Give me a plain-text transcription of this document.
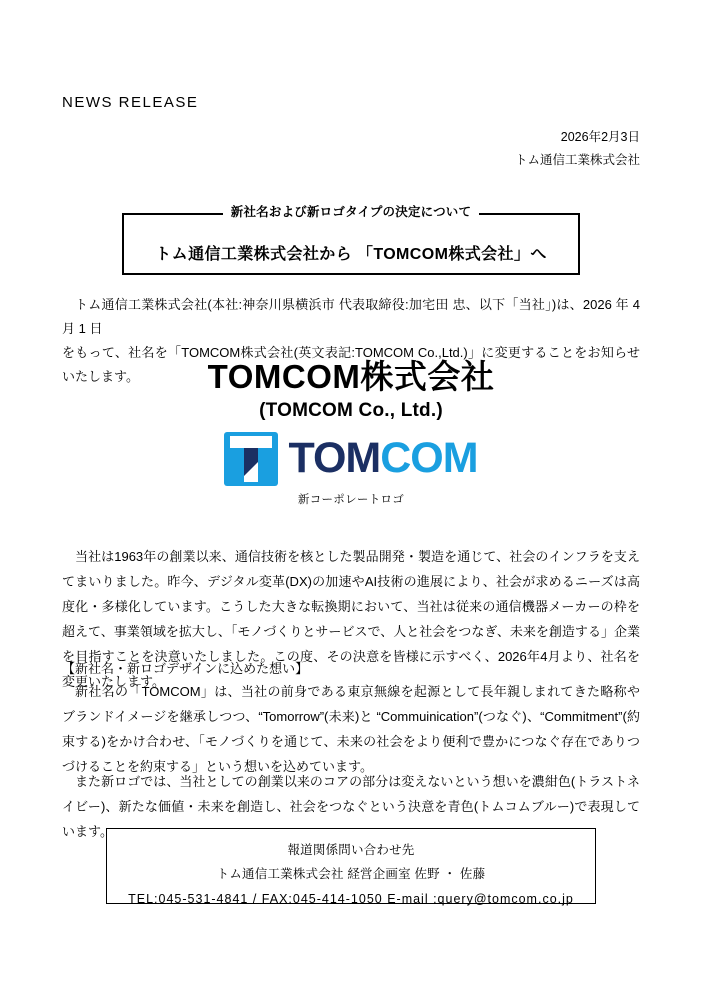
NEWS RELEASE
2026年2月3日
トム通信工業株式会社
新社名および新ロゴタイプの決定について
トム通信工業株式会社から 「TOMCOM株式会社」へ
トム通信工業株式会社(本社:神奈川県横浜市 代表取締役:加宅田 忠、以下「当社」)は、2026 年 4 月 1 日
をもって、社名を「TOMCOM株式会社(英文表記:TOMCOM Co.,Ltd.)」に変更することをお知らせいたします。	TOMCOM株式会社
(TOMCOM Co., Ltd.)
TOMCOM
新コーポレートロゴ
当社は1963年の創業以来、通信技術を核とした製品開発・製造を通じて、社会のインフラを支えてまいりました。昨今、デジタル変革(DX)の加速やAI技術の進展により、社会が求めるニーズは高度化・多様化しています。こうした大きな転換期において、当社は従来の通信機器メーカーの枠を超えて、事業領域を拡大し、「モノづくりとサービスで、人と社会をつなぎ、未来を創造する」企業を目指すことを決意いたしました。この度、その決意を皆様に示すべく、2026年4月より、社名を変更いたします。
【新社名・新ロゴデザインに込めた想い】
新社名の「TOMCOM」は、当社の前身である東京無線を起源として長年親しまれてきた略称やブランドイメージを継承しつつ、“Tomorrow”(未来)と “Commuinication”(つなぐ)、“Commitment”(約束する)をかけ合わせ、「モノづくりを通じて、未来の社会をより便利で豊かにつなぐ存在でありつづけることを約束する」という想いを込めています。
また新ロゴでは、当社としての創業以来のコアの部分は変えないという想いを濃紺色(トラストネイビー)、新たな価値・未来を創造し、社会をつなぐという決意を青色(トムコムブルー)で表現しています。
報道関係問い合わせ先
トム通信工業株式会社 経営企画室 佐野 ・ 佐藤
TEL:045-531-4841 / FAX:045-414-1050 E-mail :query@tomcom.co.jp
